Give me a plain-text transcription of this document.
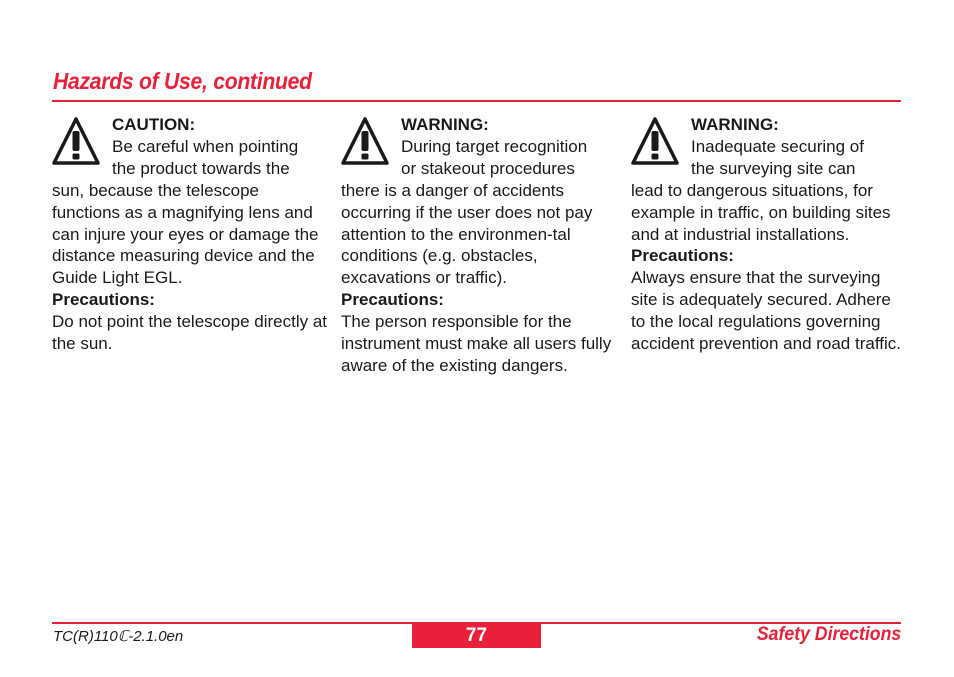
Hazards of Use, continued
CAUTION:
Be careful when pointing
the product towards the
sun, because the telescope functions as a magnifying lens and can injure your eyes or damage the distance measuring device and the Guide Light EGL.
Precautions:
Do not point the telescope directly at the sun.
WARNING:
During target recognition
or stakeout procedures
there is a danger of accidents occurring if the user does not pay attention to the environmen-tal conditions (e.g. obstacles, excavations or traffic).
Precautions:
The person responsible for the instrument must make all users fully aware of the existing dangers.
WARNING:
Inadequate securing of
the surveying site can
lead to dangerous situations, for example in traffic, on building sites and at industrial installations.
Precautions:
Always ensure that the surveying site is adequately secured. Adhere to the local regulations governing accident prevention and road traffic.
TC(R)110ℂ-2.1.0en	77	Safety Directions
